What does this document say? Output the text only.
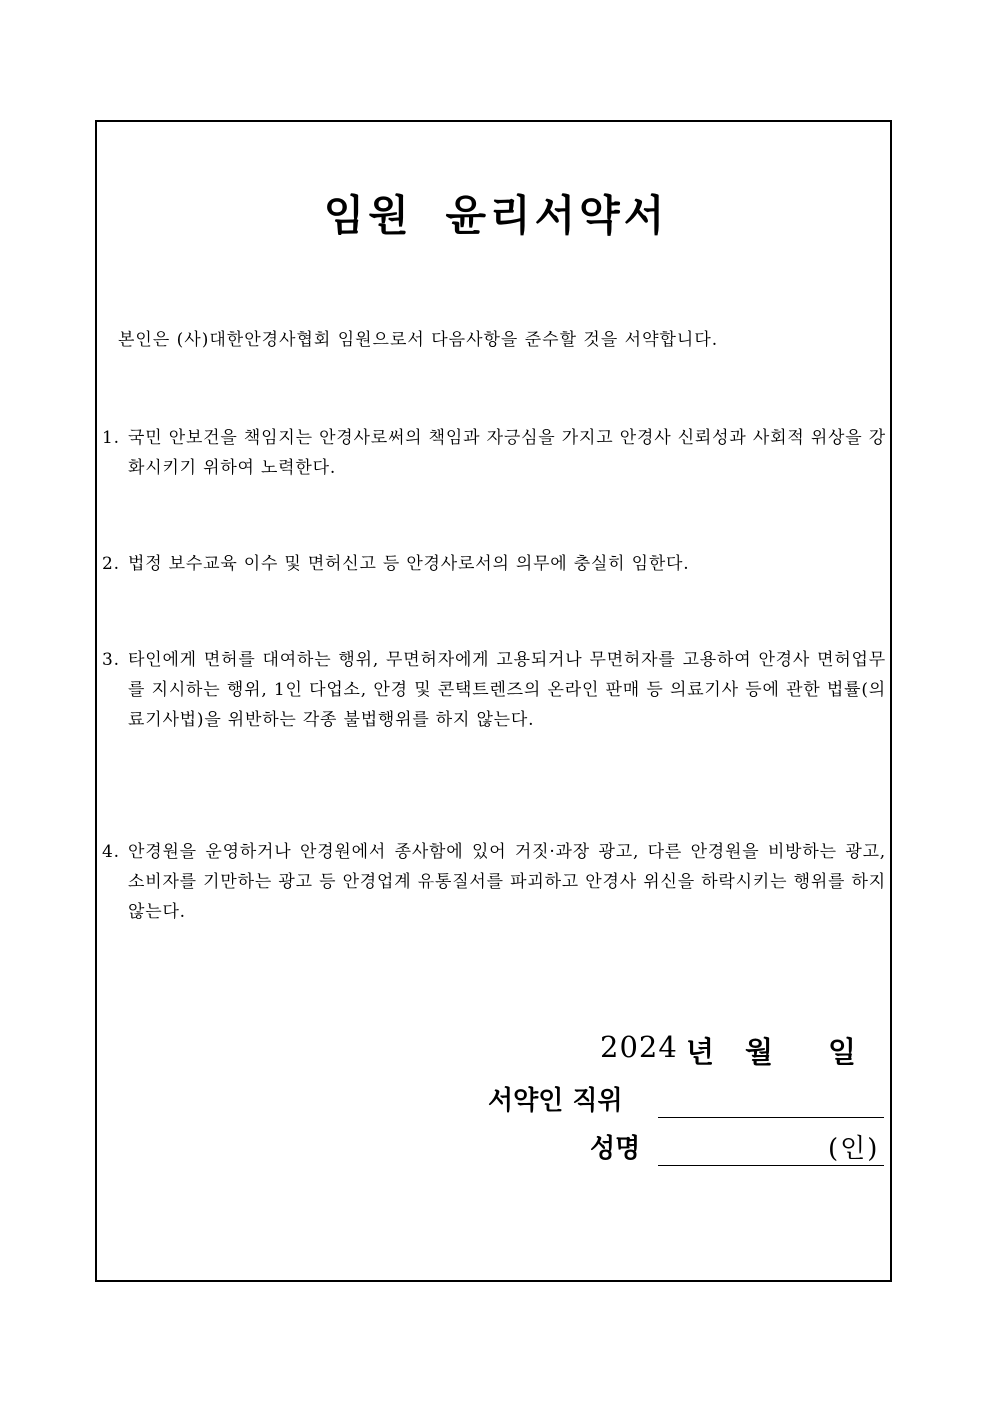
임원 윤리서약서
본인은 (사)대한안경사협회 임원으로서 다음사항을 준수할 것을 서약합니다.
1. 국민 안보건을 책임지는 안경사로써의 책임과 자긍심을 가지고 안경사 신뢰성과 사회적 위상을 강화시키기 위하여 노력한다.
2. 법정 보수교육 이수 및 면허신고 등 안경사로서의 의무에 충실히 임한다.
3. 타인에게 면허를 대여하는 행위, 무면허자에게 고용되거나 무면허자를 고용하여 안경사 면허업무를 지시하는 행위, 1인 다업소, 안경 및 콘택트렌즈의 온라인 판매 등 의료기사 등에 관한 법률(의료기사법)을 위반하는 각종 불법행위를 하지 않는다.
4. 안경원을 운영하거나 안경원에서 종사함에 있어 거짓·과장 광고, 다른 안경원을 비방하는 광고, 소비자를 기만하는 광고 등 안경업계 유통질서를 파괴하고 안경사 위신을 하락시키는 행위를 하지 않는다.
2024 년 월 일
서약인 직위
성명	(인)
